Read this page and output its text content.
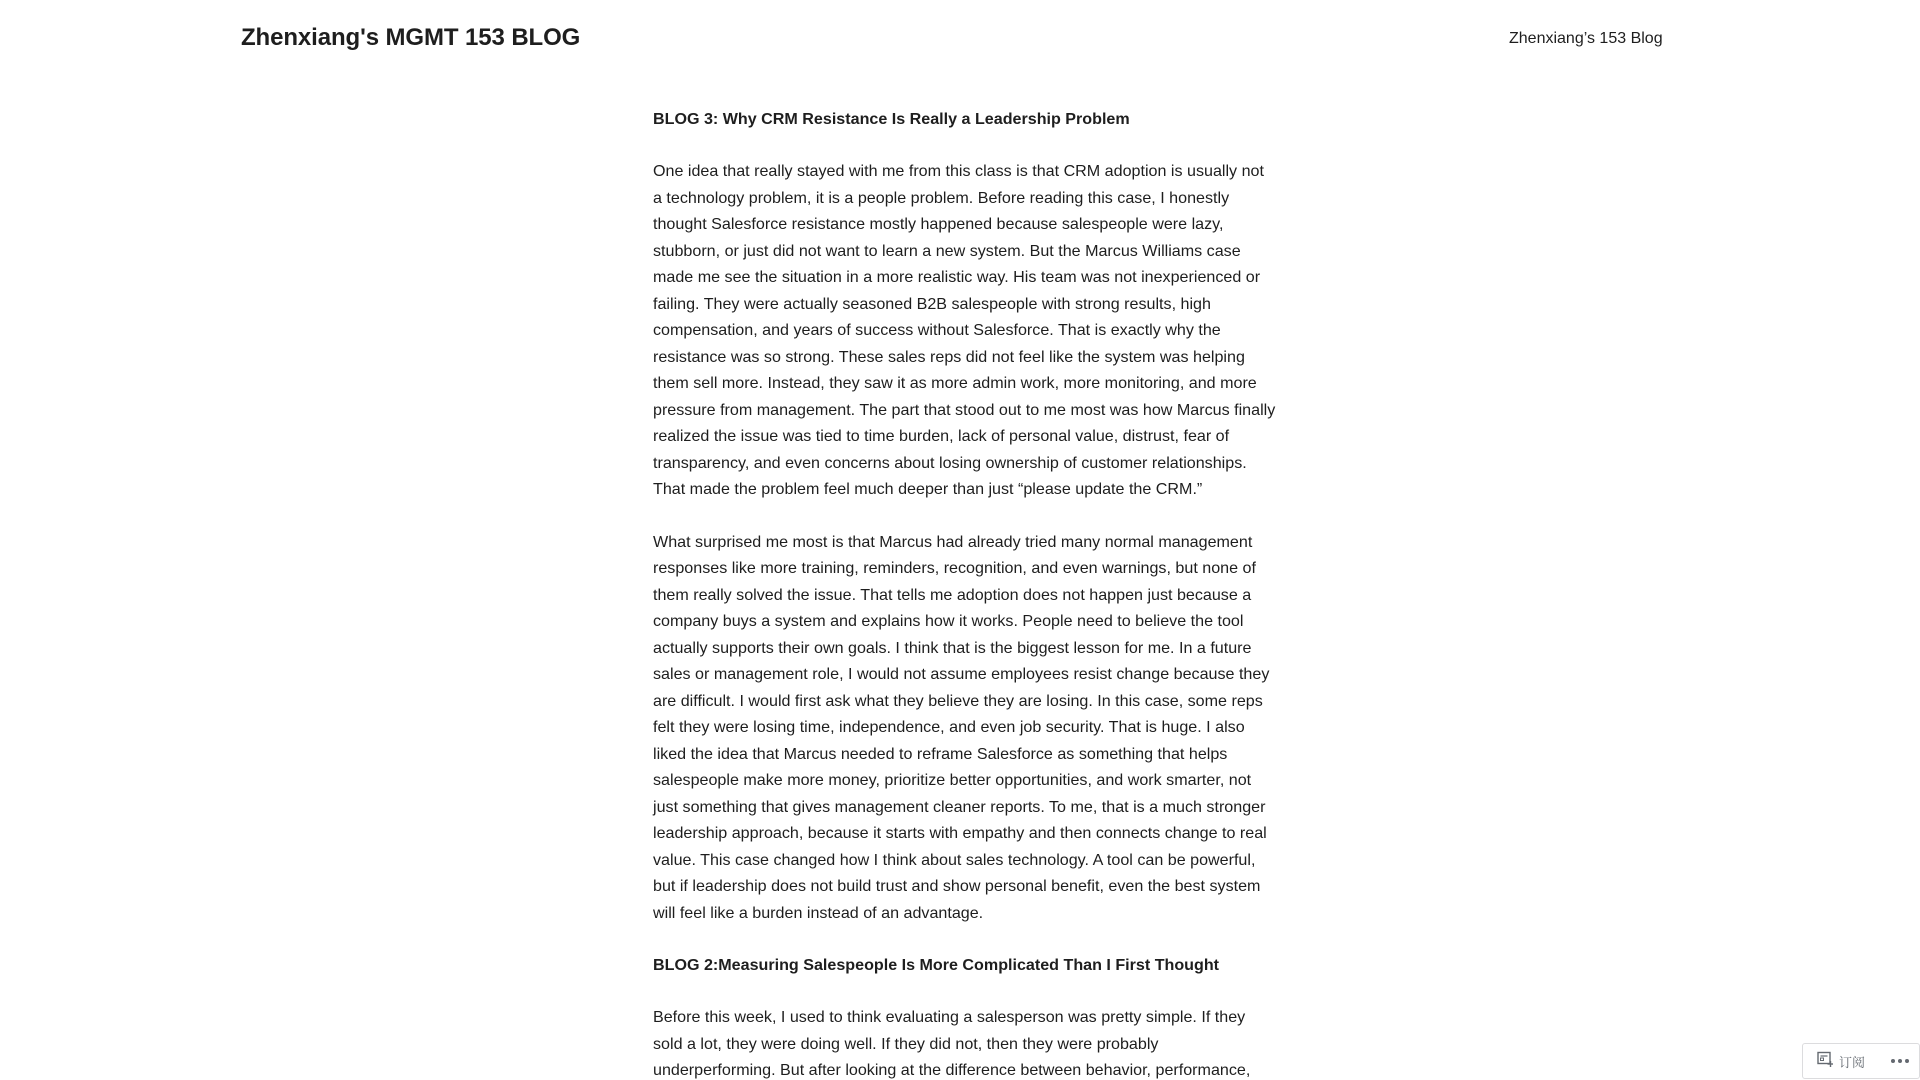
Zhenxiang's MGMT 153 BLOG	Zhenxiang’s 153 Blog
BLOG 3: Why CRM Resistance Is Really a Leadership Problem
One idea that really stayed with me from this class is that CRM adoption is usually not
a technology problem, it is a people problem. Before reading this case, I honestly
thought Salesforce resistance mostly happened because salespeople were lazy,
stubborn, or just did not want to learn a new system. But the Marcus Williams case
made me see the situation in a more realistic way. His team was not inexperienced or
failing. They were actually seasoned B2B salespeople with strong results, high
compensation, and years of success without Salesforce. That is exactly why the
resistance was so strong. These sales reps did not feel like the system was helping
them sell more. Instead, they saw it as more admin work, more monitoring, and more
pressure from management. The part that stood out to me most was how Marcus finally
realized the issue was tied to time burden, lack of personal value, distrust, fear of
transparency, and even concerns about losing ownership of customer relationships.
That made the problem feel much deeper than just “please update the CRM.”
What surprised me most is that Marcus had already tried many normal management
responses like more training, reminders, recognition, and even warnings, but none of
them really solved the issue. That tells me adoption does not happen just because a
company buys a system and explains how it works. People need to believe the tool
actually supports their own goals. I think that is the biggest lesson for me. In a future
sales or management role, I would not assume employees resist change because they
are difficult. I would first ask what they believe they are losing. In this case, some reps
felt they were losing time, independence, and even job security. That is huge. I also
liked the idea that Marcus needed to reframe Salesforce as something that helps
salespeople make more money, prioritize better opportunities, and work smarter, not
just something that gives management cleaner reports. To me, that is a much stronger
leadership approach, because it starts with empathy and then connects change to real
value. This case changed how I think about sales technology. A tool can be powerful,
but if leadership does not build trust and show personal benefit, even the best system
will feel like a burden instead of an advantage.
BLOG 2:Measuring Salespeople Is More Complicated Than I First Thought
Before this week, I used to think evaluating a salesperson was pretty simple. If they
sold a lot, they were doing well. If they did not, then they were probably
underperforming. But after looking at the difference between behavior, performance,	订阅
